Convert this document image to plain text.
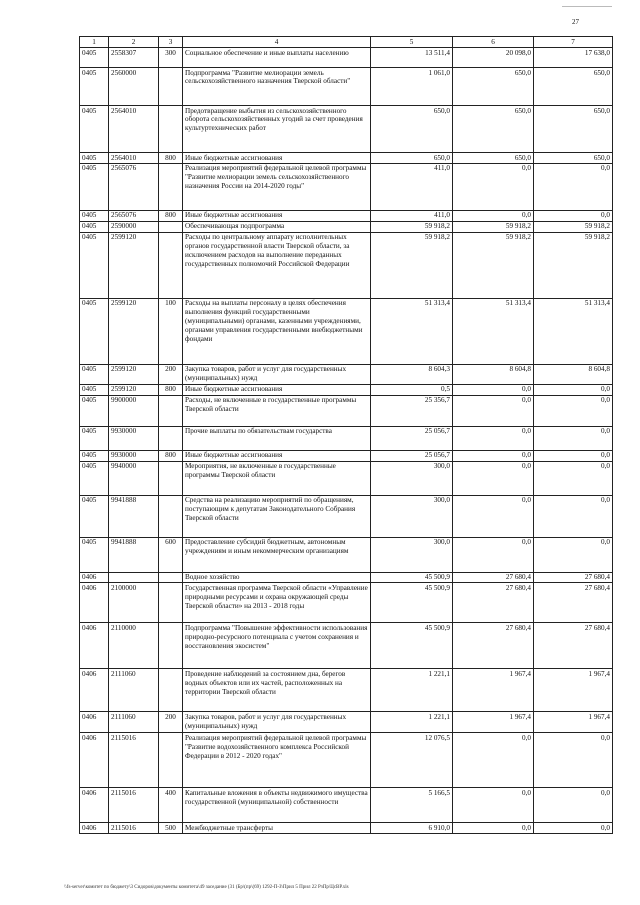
27
1	2	3	4	5	6	7
0405	2558307	300	Социальное обеспечение и иные выплаты населению	13 511,4	20 098,0	17 638,0
0405	2560000		Подпрограмма "Развитие мелиорации земель сельскохозяйственного назначения Тверской области"	1 061,0	650,0	650,0
0405	2564010		Предотвращение выбытия из сельскохозяйственного оборота сельскохозяйственных угодий за счет проведения культуртехнических работ	650,0	650,0	650,0
0405	2564010	800	Иные бюджетные ассигнования	650,0	650,0	650,0
0405	2565076		Реализация мероприятий федеральной целевой программы "Развитие мелиорации земель сельскохозяйственного назначения России на 2014-2020 годы"	411,0	0,0	0,0
0405	2565076	800	Иные бюджетные ассигнования	411,0	0,0	0,0
0405	2590000		Обеспечивающая подпрограмма	59 918,2	59 918,2	59 918,2
0405	2599120		Расходы по центральному аппарату исполнительных органов государственной власти Тверской области, за исключением расходов на выполнение переданных государственных полномочий Российской Федерации	59 918,2	59 918,2	59 918,2
0405	2599120	100	Расходы на выплаты персоналу в целях обеспечения выполнения функций государственными (муниципальными) органами, казенными учреждениями, органами управления государственными внебюджетными фондами	51 313,4	51 313,4	51 313,4
0405	2599120	200	Закупка товаров, работ и услуг для государственных (муниципальных) нужд	8 604,3	8 604,8	8 604,8
0405	2599120	800	Иные бюджетные ассигнования	0,5	0,0	0,0
0405	9900000		Расходы, не включенные в государственные программы Тверской области	25 356,7	0,0	0,0
0405	9930000		Прочие выплаты по обязательствам государства	25 056,7	0,0	0,0
0405	9930000	800	Иные бюджетные ассигнования	25 056,7	0,0	0,0
0405	9940000		Мероприятия, не включенные в государственные программы Тверской области	300,0	0,0	0,0
0405	9941888		Средства на реализацию мероприятий по обращениям, поступающим к депутатам Законодательного Собрания Тверской области	300,0	0,0	0,0
0405	9941888	600	Предоставление субсидий бюджетным, автономным учреждениям и иным некоммерческим организациям	300,0	0,0	0,0
0406			Водное хозяйство	45 500,9	27 680,4	27 680,4
0406	2100000		Государственная программа Тверской области «Управление природными ресурсами и охрана окружающей среды Тверской области» на 2013 - 2018 годы	45 500,9	27 680,4	27 680,4
0406	2110000		Подпрограмма "Повышение эффективности использования природно-ресурсного потенциала с учетом сохранения и восстановления экосистем"	45 500,9	27 680,4	27 680,4
0406	2111060		Проведение наблюдений за состоянием дна, берегов водных объектов или их частей, расположенных на территории Тверской области	1 221,1	1 967,4	1 967,4
0406	2111060	200	Закупка товаров, работ и услуг для государственных (муниципальных) нужд	1 221,1	1 967,4	1 967,4
0406	2115016		Реализация мероприятий федеральной целевой программы "Развитие водохозяйственного комплекса Российской Федерации в 2012 - 2020 годах"	12 076,5	0,0	0,0
0406	2115016	400	Капитальные вложения в объекты недвижимого имущества государственной (муниципальной) собственности	5 166,5	0,0	0,0
0406	2115016	500	Межбюджетные трансферты	6 910,0	0,0	0,0
\\fs-server\комитет по бюджету\3 Сидоров\документы комитета\49 заседание (31 (Бр\(пр\(69) 1292-П-З\Прил 5 Прил 22 РзПр\ЦсВР.xls
